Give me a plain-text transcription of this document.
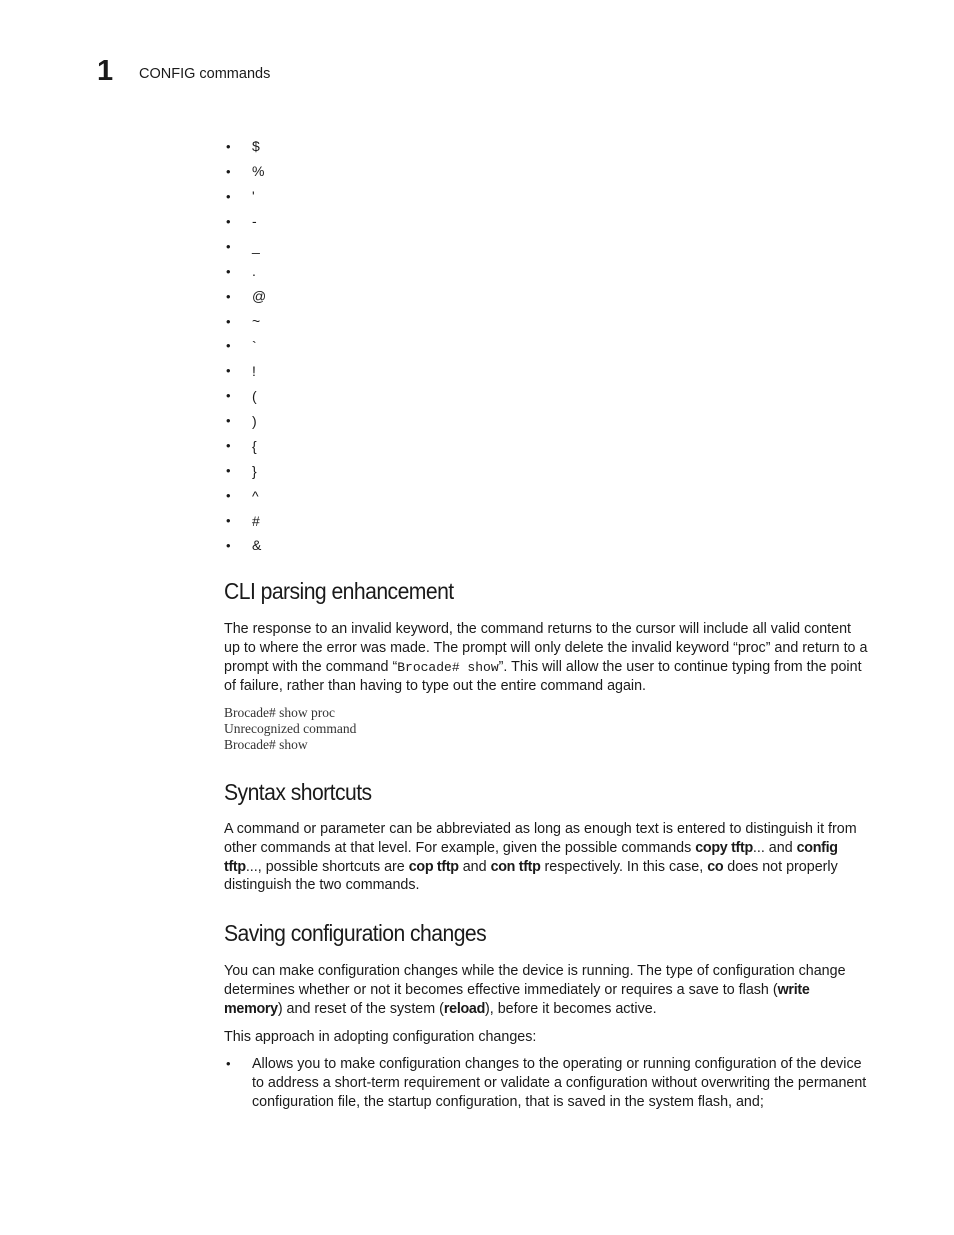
1	CONFIG commands
•	$
•	%
•	'
•	-
•	_
•	.
•	@
•	~
•	`
•	!
•	(
•	)
•	{
•	}
•	^
•	#
•	&
CLI parsing enhancement

The response to an invalid keyword, the command returns to the cursor will include all valid content up to where the error was made. The prompt will only delete the invalid keyword “proc” and return to a prompt with the command “Brocade# show”. This will allow the user to continue typing from the point of failure, rather than having to type out the entire command again.

Brocade# show proc
Unrecognized command
Brocade# show
Syntax shortcuts

A command or parameter can be abbreviated as long as enough text is entered to distinguish it from other commands at that level. For example, given the possible commands copy tftp... and config tftp..., possible shortcuts are cop tftp and con tftp respectively. In this case, co does not properly distinguish the two commands.

Saving configuration changes

You can make configuration changes while the device is running. The type of configuration change determines whether or not it becomes effective immediately or requires a save to flash (write memory) and reset of the system (reload), before it becomes active.

This approach in adopting configuration changes:

•	Allows you to make configuration changes to the operating or running configuration of the device to address a short-term requirement or validate a configuration without overwriting the permanent configuration file, the startup configuration, that is saved in the system flash, and;
